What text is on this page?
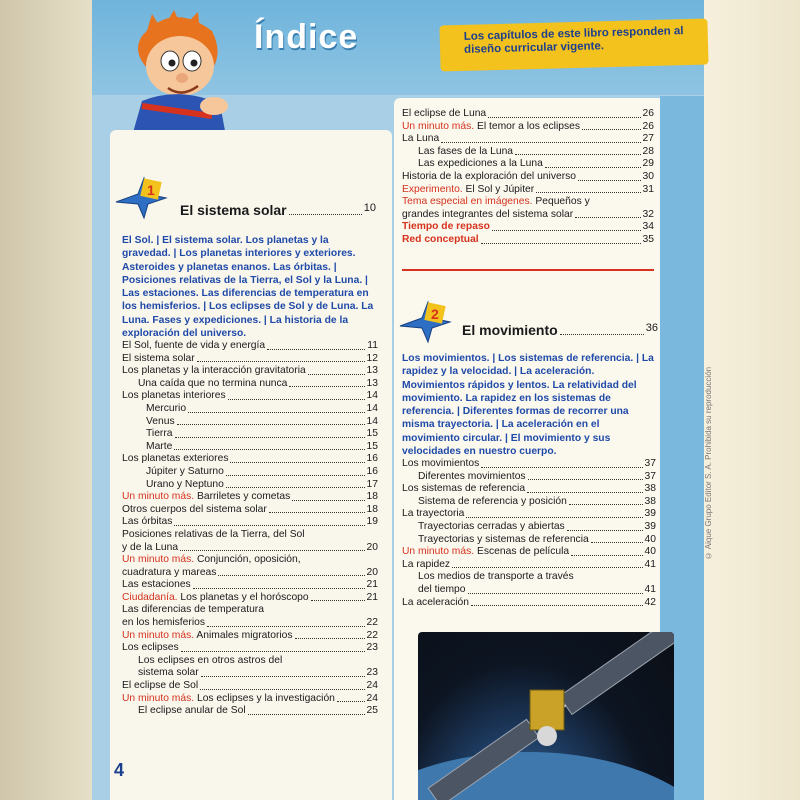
Índice	Los capítulos de este libro responden al diseño curricular vigente.
1
El sistema solar	10
El Sol. | El sistema solar. Los planetas y la gravedad. | Los planetas interiores y exteriores. Asteroides y planetas enanos. Las órbitas. | Posiciones relativas de la Tierra, el Sol y la Luna. | Las estaciones. Las diferencias de temperatura en los hemisferios. | Los eclipses de Sol y de Luna. La Luna. Fases y expediciones. | La historia de la exploración del universo.
El Sol, fuente de vida y energía	11
El sistema solar	12
Los planetas y la interacción gravitatoria	13
Una caída que no termina nunca	13
Los planetas interiores	14
Mercurio	14
Venus	14
Tierra	15
Marte	15
Los planetas exteriores	16
Júpiter y Saturno	16
Urano y Neptuno	17
Un minuto más. Barriletes y cometas	18
Otros cuerpos del sistema solar	18
Las órbitas	19
Posiciones relativas de la Tierra, del Sol
y de la Luna	20
Un minuto más. Conjunción, oposición,
cuadratura y mareas	20
Las estaciones	21
Ciudadanía. Los planetas y el horóscopo	21
Las diferencias de temperatura
en los hemisferios	22
Un minuto más. Animales migratorios	22
Los eclipses	23
Los eclipses en otros astros del
sistema solar	23
El eclipse de Sol	24
Un minuto más. Los eclipses y la investigación	24
El eclipse anular de Sol	25
El eclipse de Luna	26
Un minuto más. El temor a los eclipses	26
La Luna	27
Las fases de la Luna	28
Las expediciones a la Luna	29
Historia de la exploración del universo	30
Experimento. El Sol y Júpiter	31
Tema especial en imágenes. Pequeños y
grandes integrantes del sistema solar	32
Tiempo de repaso	34
Red conceptual	35
2
El movimiento	36
Los movimientos. | Los sistemas de referencia. | La rapidez y la velocidad. | La aceleración. Movimientos rápidos y lentos. La relatividad del movimiento. La rapidez en los sistemas de referencia. | Diferentes formas de recorrer una misma trayectoria. | La aceleración en el movimiento circular. | El movimiento y sus velocidades en nuestro cuerpo.
Los movimientos	37
Diferentes movimientos	37
Los sistemas de referencia	38
Sistema de referencia y posición	38
La trayectoria	39
Trayectorias cerradas y abiertas	39
Trayectorias y sistemas de referencia	40
Un minuto más. Escenas de película	40
La rapidez	41
Los medios de transporte a través
del tiempo	41
La aceleración	42
4
© Aique Grupo Editor S. A. Prohibida su reproducción
